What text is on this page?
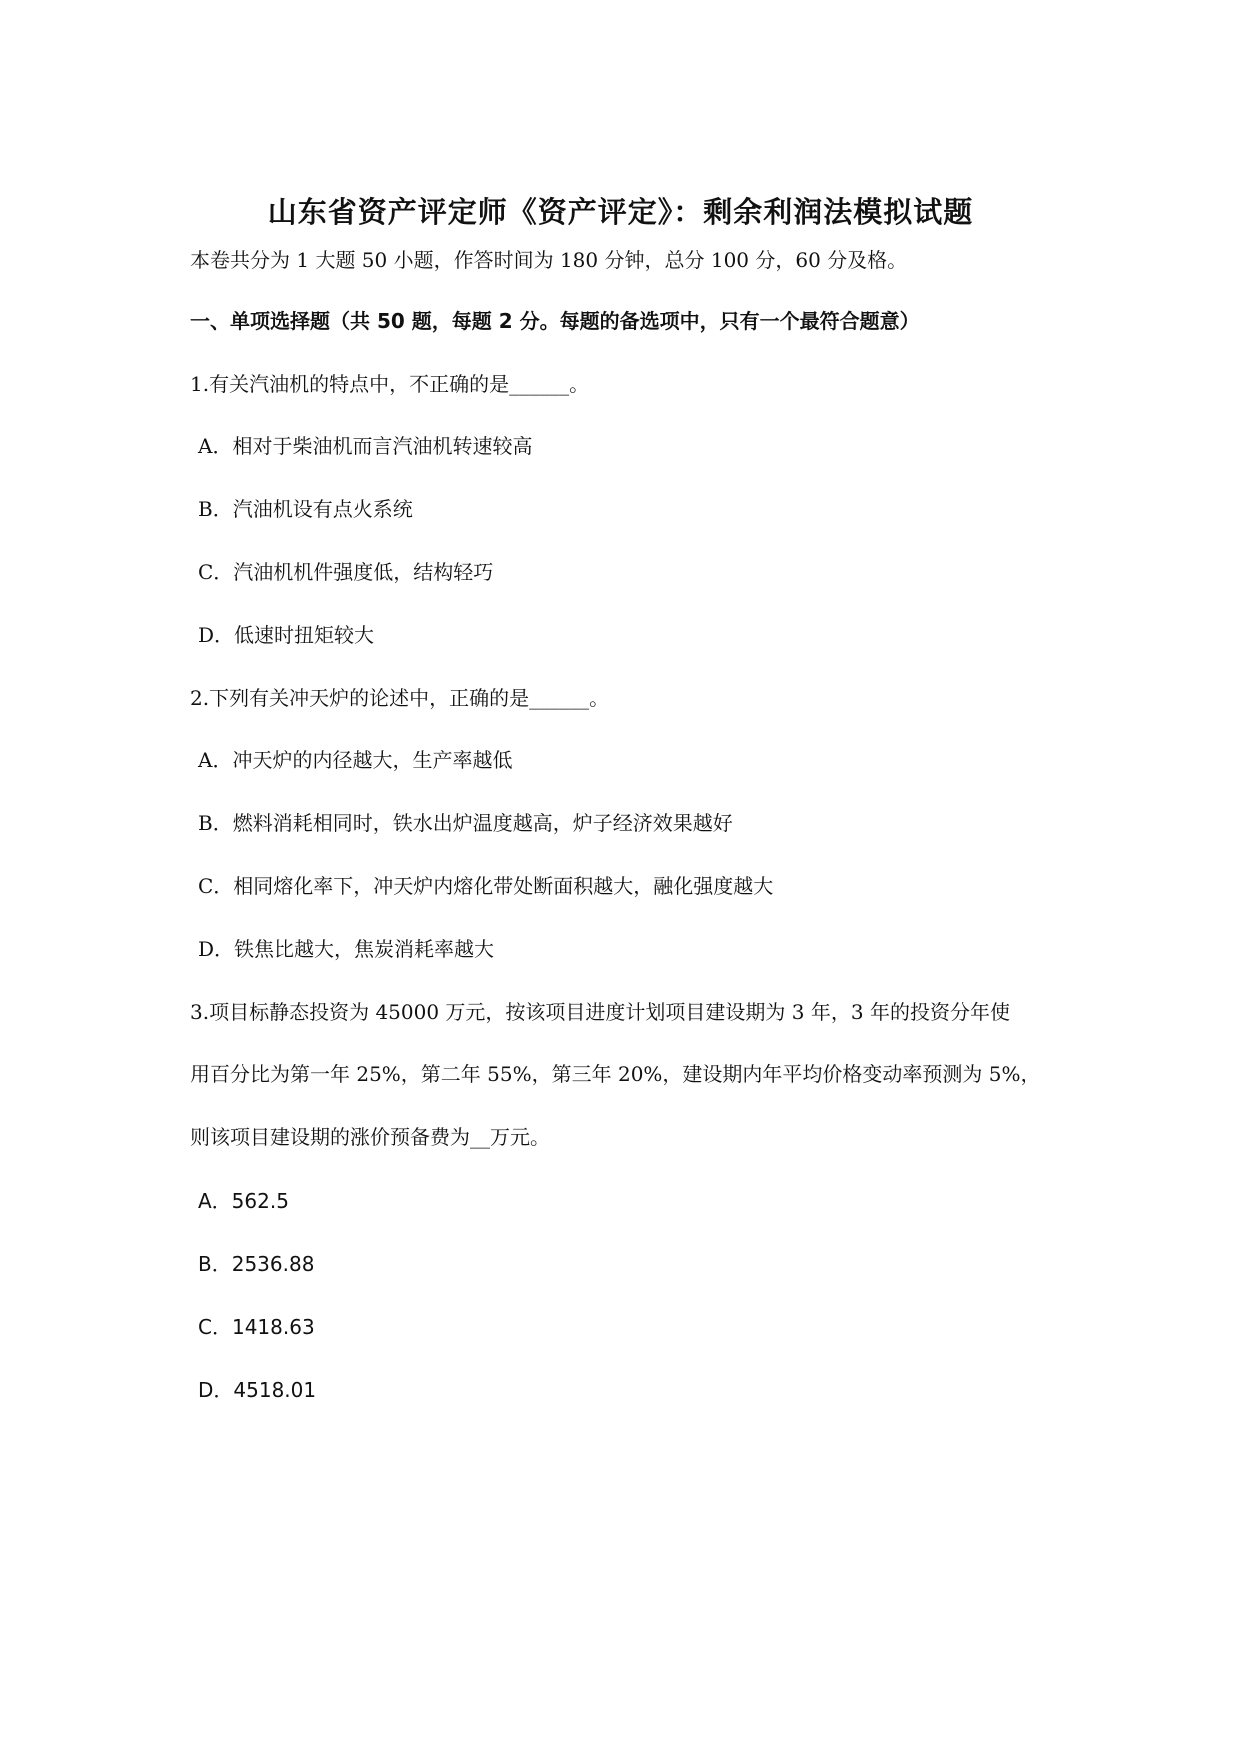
山东省资产评定师《资产评定》：剩余利润法模拟试题
本卷共分为 1 大题 50 小题，作答时间为 180 分钟，总分 100 分，60 分及格。
一、单项选择题（共 50 题，每题 2 分。每题的备选项中，只有一个最符合题意）
1.有关汽油机的特点中，不正确的是______。
A．相对于柴油机而言汽油机转速较高
B．汽油机设有点火系统
C．汽油机机件强度低，结构轻巧
D．低速时扭矩较大
2.下列有关冲天炉的论述中，正确的是______。
A．冲天炉的内径越大，生产率越低
B．燃料消耗相同时，铁水出炉温度越高，炉子经济效果越好
C．相同熔化率下，冲天炉内熔化带处断面积越大，融化强度越大
D．铁焦比越大，焦炭消耗率越大
3.项目标静态投资为 45000 万元，按该项目进度计划项目建设期为 3 年，3 年的投资分年使
用百分比为第一年 25%，第二年 55%，第三年 20%，建设期内年平均价格变动率预测为 5%，
则该项目建设期的涨价预备费为__万元。
A．562.5
B．2536.88
C．1418.63
D．4518.01
